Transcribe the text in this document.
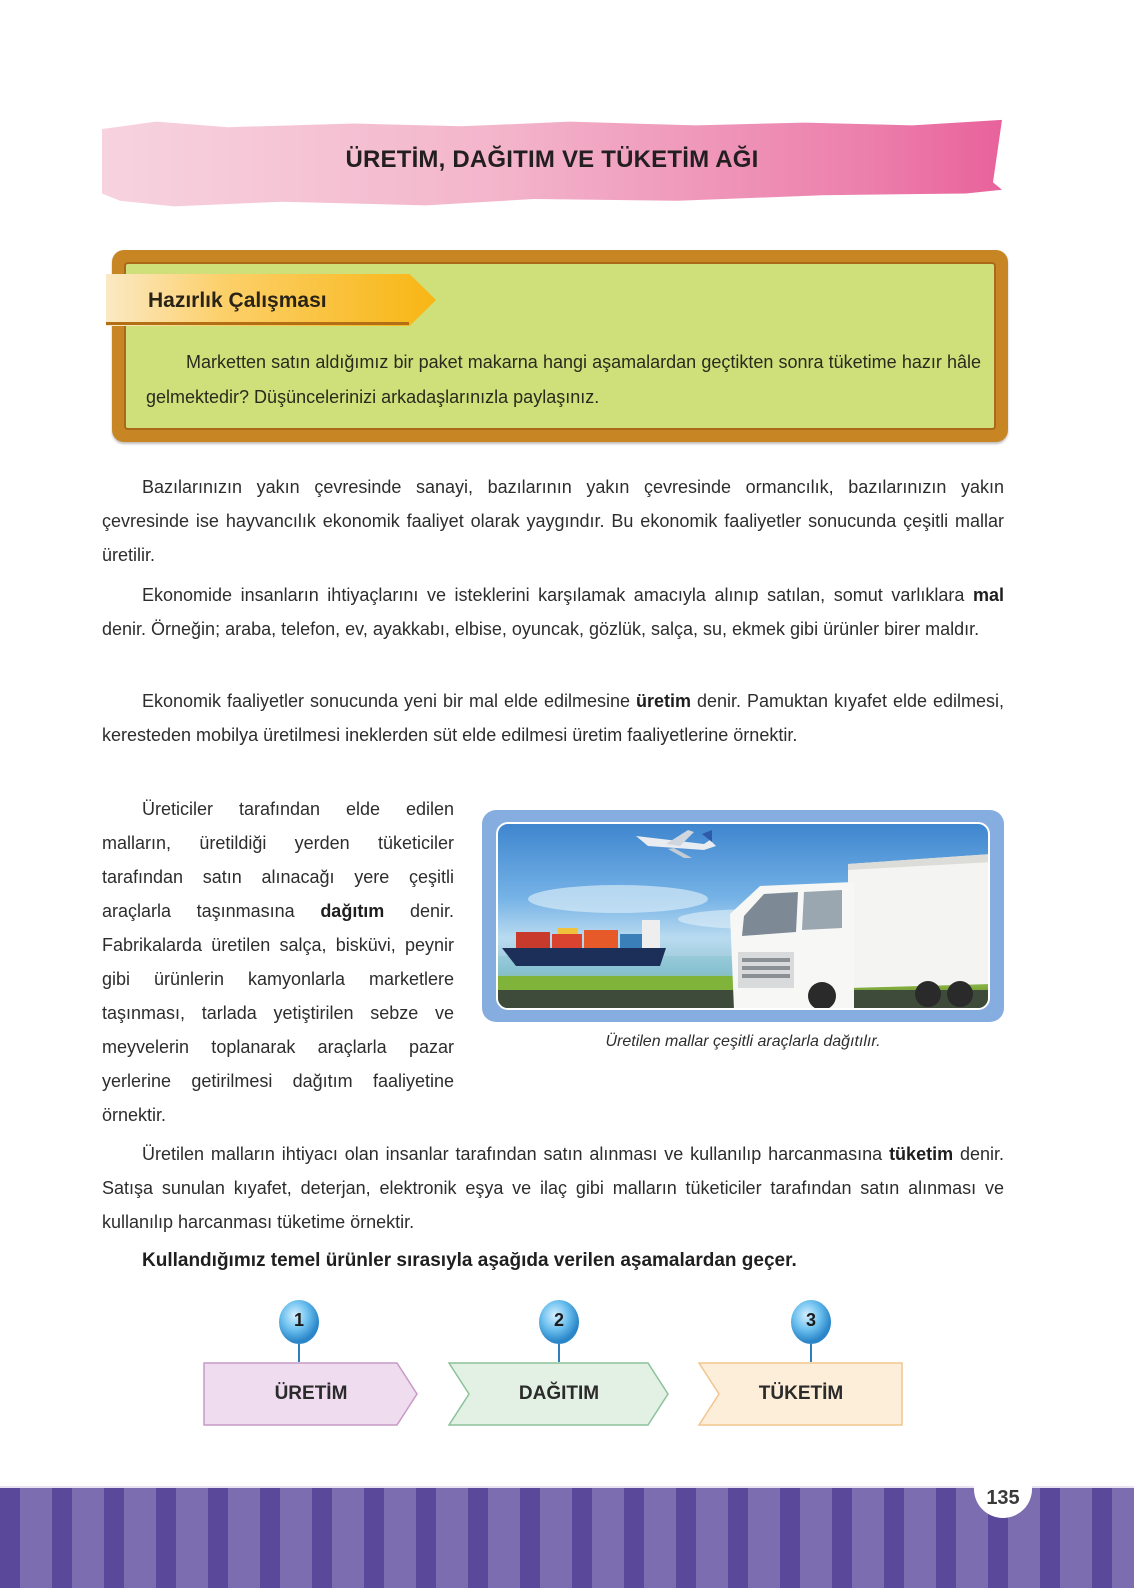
ÜRETİM, DAĞITIM VE TÜKETİM AĞI
Hazırlık Çalışması

Marketten satın aldığımız bir paket makarna hangi aşamalardan geçtikten sonra tüketime hazır hâle gelmektedir? Düşüncelerinizi arkadaşlarınızla paylaşınız.

Bazılarınızın yakın çevresinde sanayi, bazılarının yakın çevresinde ormancılık, bazılarınızın yakın çevresinde ise hayvancılık ekonomik faaliyet olarak yaygındır. Bu ekonomik faaliyetler sonucunda çeşitli mallar üretilir.

Ekonomide insanların ihtiyaçlarını ve isteklerini karşılamak amacıyla alınıp satılan, somut varlıklara mal denir. Örneğin; araba, telefon, ev, ayakkabı, elbise, oyuncak, gözlük, salça, su, ekmek gibi ürünler birer maldır.

Ekonomik faaliyetler sonucunda yeni bir mal elde edilmesine üretim denir. Pamuktan kıyafet elde edilmesi, keresteden mobilya üretilmesi ineklerden süt elde edilmesi üretim faaliyetlerine örnektir.

Üreticiler tarafından elde edilen malların, üretildiği yerden tüketiciler tarafından satın alınacağı yere çeşitli araçlarla taşınmasına dağıtım denir. Fabrikalarda üretilen salça, bisküvi, peynir gibi ürünlerin kamyonlarla marketlere taşınması, tarlada yetiştirilen sebze ve meyvelerin toplanarak araçlarla pazar yerlerine getirilmesi dağıtım faaliyetine örnektir.

Üretilen mallar çeşitli araçlarla dağıtılır.

Üretilen malların ihtiyacı olan insanlar tarafından satın alınması ve kullanılıp harcanmasına tüketim denir. Satışa sunulan kıyafet, deterjan, elektronik eşya ve ilaç gibi malların tüketiciler tarafından satın alınması ve kullanılıp harcanması tüketime örnektir.

Kullandığımız temel ürünler sırasıyla aşağıda verilen aşamalardan geçer.
1
ÜRETİM
2
DAĞITIM
3
TÜKETİM
135
